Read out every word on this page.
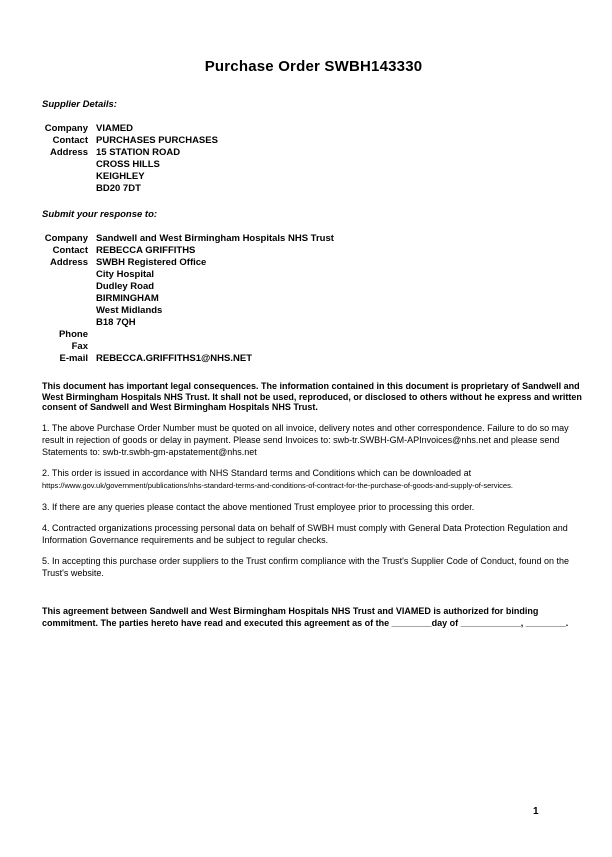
Purchase Order SWBH143330

Supplier Details:

Company VIAMED
Contact PURCHASES PURCHASES
Address 15 STATION ROAD
CROSS HILLS
KEIGHLEY
BD20 7DT

Submit your response to:

Company Sandwell and West Birmingham Hospitals NHS Trust
Contact REBECCA GRIFFITHS
Address SWBH Registered Office
City Hospital
Dudley Road
BIRMINGHAM
West Midlands
B18 7QH
Phone
Fax
E-mail REBECCA.GRIFFITHS1@NHS.NET

This document has important legal consequences. The information contained in this document is proprietary of Sandwell and West Birmingham Hospitals NHS Trust. It shall not be used, reproduced, or disclosed to others without he express and written consent of Sandwell and West Birmingham Hospitals NHS Trust.

1. The above Purchase Order Number must be quoted on all invoice, delivery notes and other correspondence. Failure to do so may result in rejection of goods or delay in payment. Please send Invoices to: swb-tr.SWBH-GM-APInvoices@nhs.net and please send Statements to: swb-tr.swbh-gm-apstatement@nhs.net

2. This order is issued in accordance with NHS Standard terms and Conditions which can be downloaded at https://www.gov.uk/government/publications/nhs-standard-terms-and-conditions-of-contract-for-the-purchase-of-goods-and-supply-of-services.

3. If there are any queries please contact the above mentioned Trust employee prior to processing this order.

4. Contracted organizations processing personal data on behalf of SWBH must comply with General Data Protection Regulation and Information Governance requirements and be subject to regular checks.

5. In accepting this purchase order suppliers to the Trust confirm compliance with the Trust's Supplier Code of Conduct, found on the Trust's website.

This agreement between Sandwell and West Birmingham Hospitals NHS Trust and VIAMED is authorized for binding commitment. The parties hereto have read and executed this agreement as of the ________day of ____________, ________.

1
